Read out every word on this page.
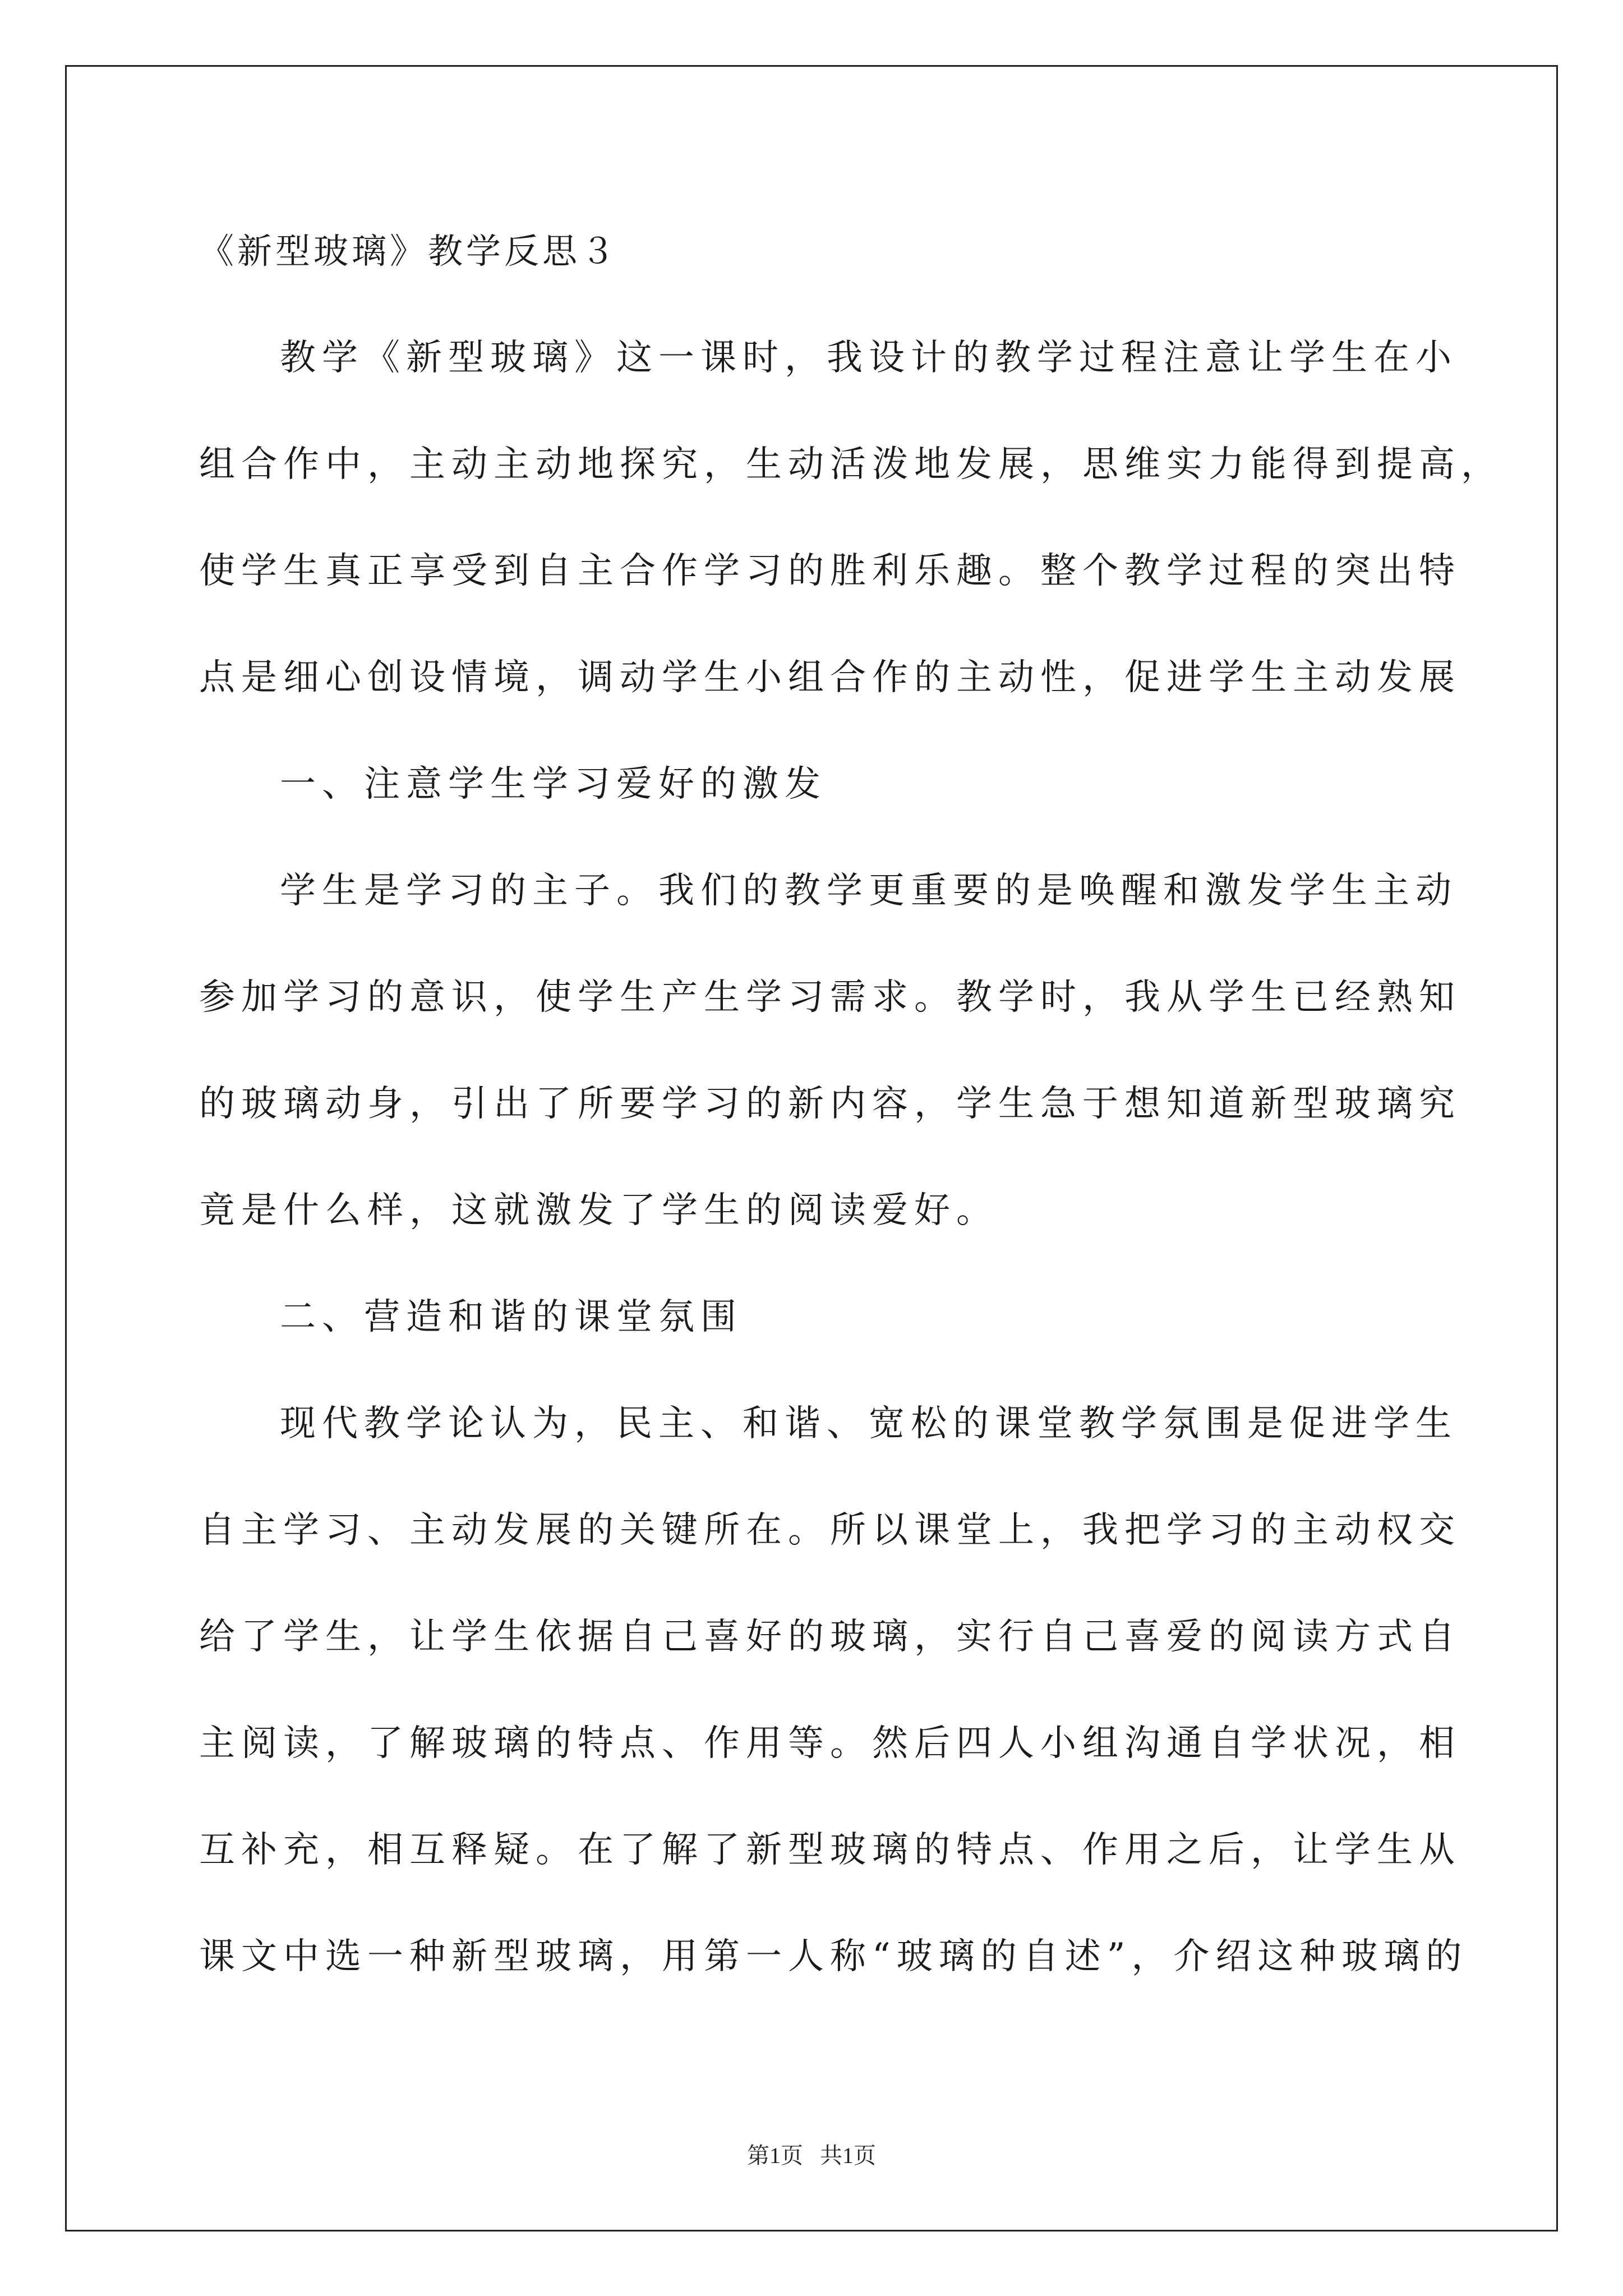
《新型玻璃》教学反思３
教学《新型玻璃》这一课时，我设计的教学过程注意让学生在小
组合作中，主动主动地探究，生动活泼地发展，思维实力能得到提高，
使学生真正享受到自主合作学习的胜利乐趣。整个教学过程的突出特
点是细心创设情境，调动学生小组合作的主动性，促进学生主动发展
一、注意学生学习爱好的激发
学生是学习的主子。我们的教学更重要的是唤醒和激发学生主动
参加学习的意识，使学生产生学习需求。教学时，我从学生已经熟知
的玻璃动身，引出了所要学习的新内容，学生急于想知道新型玻璃究
竟是什么样，这就激发了学生的阅读爱好。
二、营造和谐的课堂氛围
现代教学论认为，民主、和谐、宽松的课堂教学氛围是促进学生
自主学习、主动发展的关键所在。所以课堂上，我把学习的主动权交
给了学生，让学生依据自己喜好的玻璃，实行自己喜爱的阅读方式自
主阅读，了解玻璃的特点、作用等。然后四人小组沟通自学状况，相
互补充，相互释疑。在了解了新型玻璃的特点、作用之后，让学生从
课文中选一种新型玻璃，用第一人称“玻璃的自述”，介绍这种玻璃的
第1页   共1页
